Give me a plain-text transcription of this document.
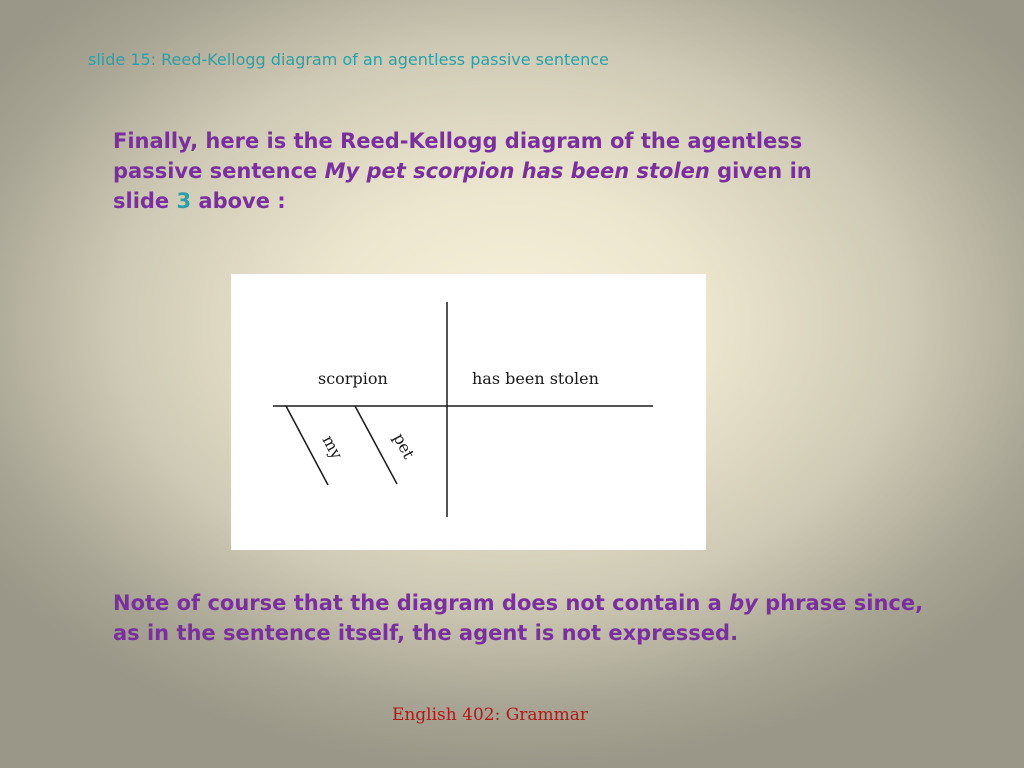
slide 15: Reed-Kellogg diagram of an agentless passive sentence
Finally, here is the Reed-Kellogg diagram of the agentless passive sentence My pet scorpion has been stolen given in slide 3 above :
scorpion	has been stolen
my	pet
Note of course that the diagram does not contain a by phrase since, as in the sentence itself, the agent is not expressed.
English 402: Grammar
